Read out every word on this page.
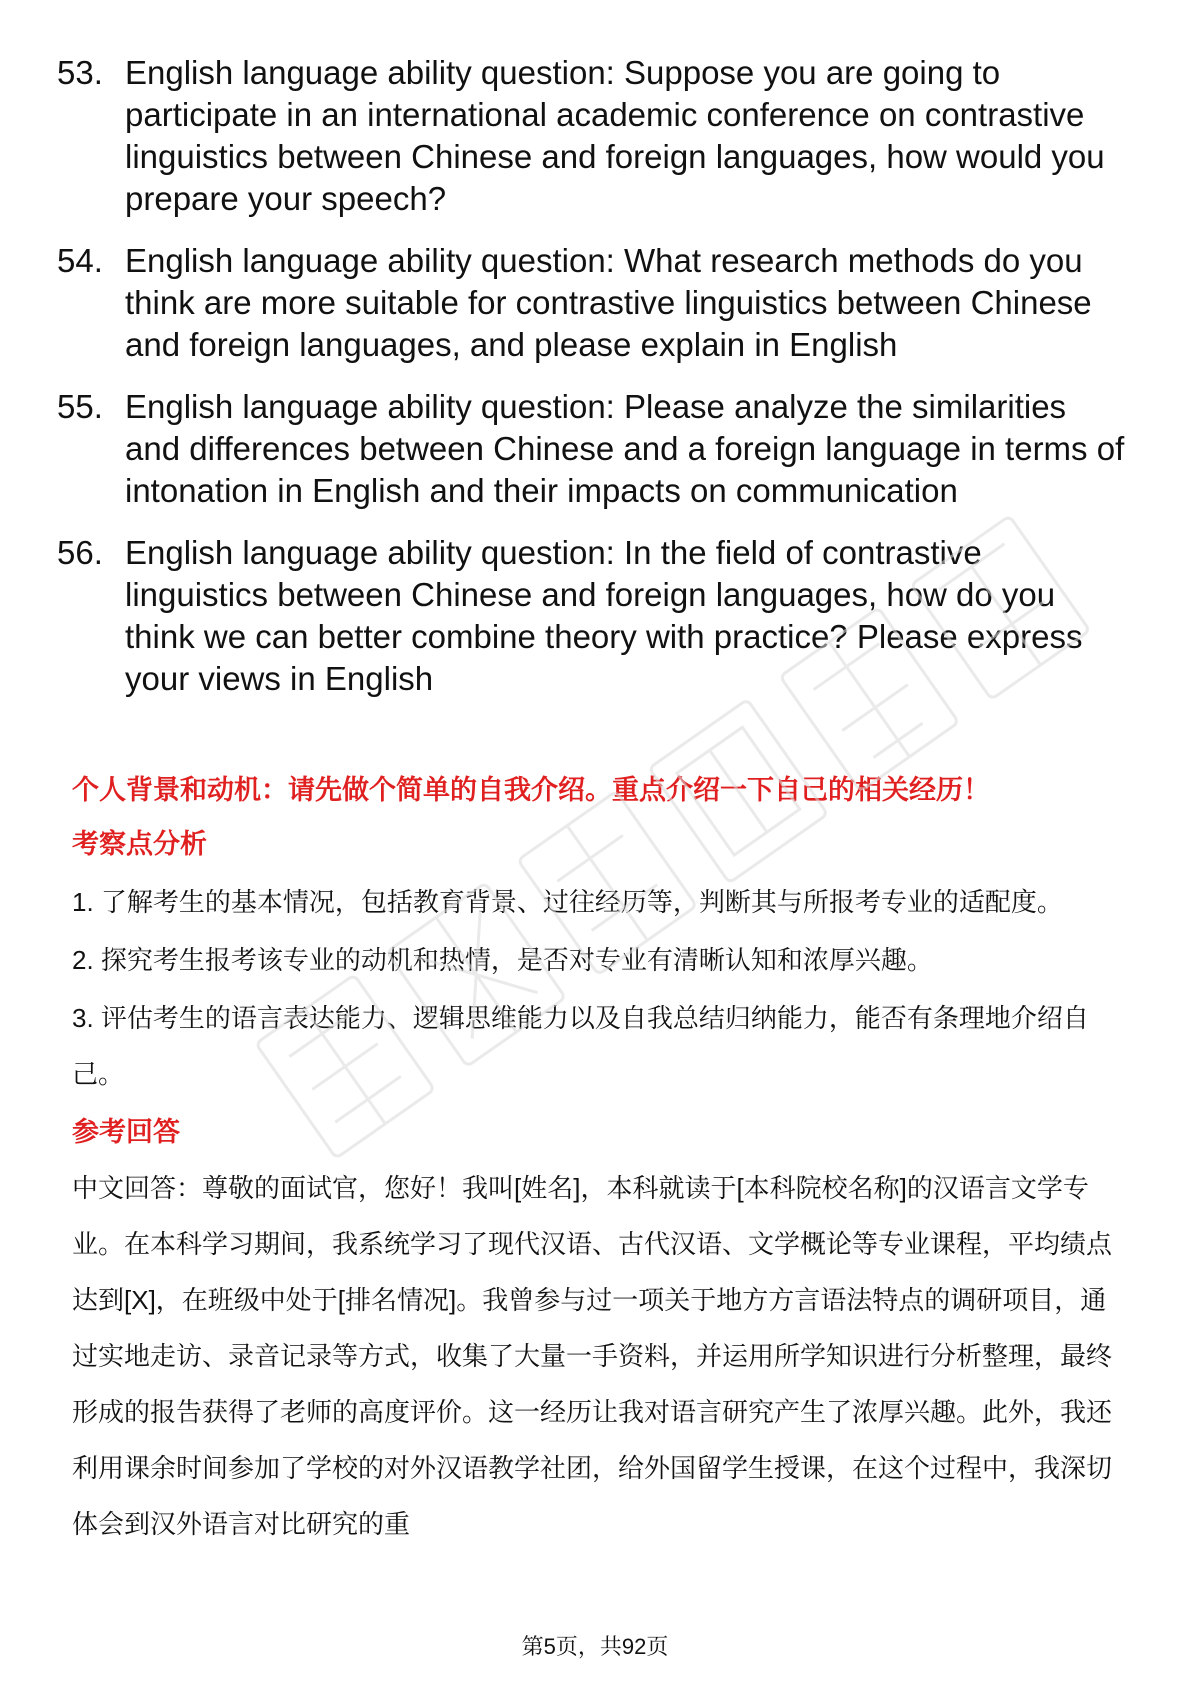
53. English language ability question: Suppose you are going to participate in an international academic conference on contrastive linguistics between Chinese and foreign languages, how would you prepare your speech?
54. English language ability question: What research methods do you think are more suitable for contrastive linguistics between Chinese and foreign languages, and please explain in English
55. English language ability question: Please analyze the similarities and differences between Chinese and a foreign language in terms of intonation in English and their impacts on communication
56. English language ability question: In the field of contrastive linguistics between Chinese and foreign languages, how do you think we can better combine theory with practice? Please express your views in English

个人背景和动机：请先做个简单的自我介绍。重点介绍一下自己的相关经历！

考察点分析

1. 了解考生的基本情况，包括教育背景、过往经历等，判断其与所报考专业的适配度。

2. 探究考生报考该专业的动机和热情，是否对专业有清晰认知和浓厚兴趣。

3. 评估考生的语言表达能力、逻辑思维能力以及自我总结归纳能力，能否有条理地介绍自己。

参考回答

中文回答：尊敬的面试官，您好！我叫[姓名]，本科就读于[本科院校名称]的汉语言文学专业。在本科学习期间，我系统学习了现代汉语、古代汉语、文学概论等专业课程，平均绩点达到[X]，在班级中处于[排名情况]。我曾参与过一项关于地方方言语法特点的调研项目，通过实地走访、录音记录等方式，收集了大量一手资料，并运用所学知识进行分析整理，最终形成的报告获得了老师的高度评价。这一经历让我对语言研究产生了浓厚兴趣。此外，我还利用课余时间参加了学校的对外汉语教学社团，给外国留学生授课，在这个过程中，我深切体会到汉外语言对比研究的重

第5页，共92页
